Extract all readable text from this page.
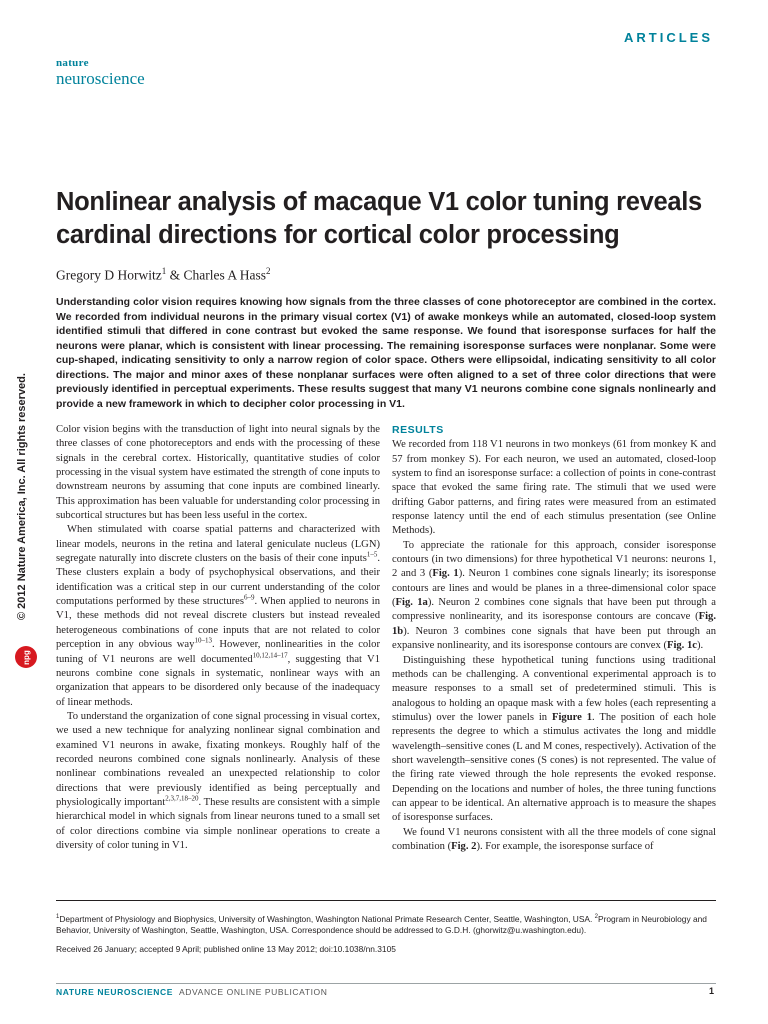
ARTICLES
nature
neuroscience
© 2012 Nature America, Inc. All rights reserved.
npg
Nonlinear analysis of macaque V1 color tuning reveals cardinal directions for cortical color processing
Gregory D Horwitz$^1$ & Charles A Hass$^2$

Understanding color vision requires knowing how signals from the three classes of cone photoreceptor are combined in the cortex. We recorded from individual neurons in the primary visual cortex (V1) of awake monkeys while an automated, closed-loop system identified stimuli that differed in cone contrast but evoked the same response. We found that isoresponse surfaces for half the neurons were planar, which is consistent with linear processing. The remaining isoresponse surfaces were nonplanar. Some were cup-shaped, indicating sensitivity to only a narrow region of color space. Others were ellipsoidal, indicating sensitivity to all color directions. The major and minor axes of these nonplanar surfaces were often aligned to a set of three color directions that were previously identified in perceptual experiments. These results suggest that many V1 neurons combine cone signals nonlinearly and provide a new framework in which to decipher color processing in V1.

Color vision begins with the transduction of light into neural signals by the three classes of cone photoreceptors and ends with the processing of these signals in the cerebral cortex. Historically, quantitative studies of color processing in the visual system have estimated the strength of cone inputs to downstream neurons by assuming that cone inputs are combined linearly. This approximation has been valuable for understanding color processing in subcortical structures but has been less useful in the cortex.

When stimulated with coarse spatial patterns and characterized with linear models, neurons in the retina and lateral geniculate nucleus (LGN) segregate naturally into discrete clusters on the basis of their cone inputs$^{1-5}$. These clusters explain a body of psychophysical observations, and their identification was a critical step in our current understanding of the color computations performed by these structures$^{6-9}$. When applied to neurons in V1, these methods did not reveal discrete clusters but instead revealed heterogeneous combinations of cone inputs that are not related to color perception in any obvious way$^{10-13}$. However, nonlinearities in the color tuning of V1 neurons are well documented$^{10,12,14-17}$, suggesting that V1 neurons combine cone signals in systematic, nonlinear ways with an organization that appears to be disordered only because of the inadequacy of linear methods.

To understand the organization of cone signal processing in visual cortex, we used a new technique for analyzing nonlinear signal combination and examined V1 neurons in awake, fixating monkeys. Roughly half of the recorded neurons combined cone signals nonlinearly. Analysis of these nonlinear combinations revealed an unexpected relationship to color directions that were previously identified as being perceptually and physiologically important$^{2,3,7,18-20}$. These results are consistent with a simple hierarchical model in which signals from linear neurons tuned to a small set of color directions combine via simple nonlinear operations to create a diversity of color tuning in V1.

RESULTS

We recorded from 118 V1 neurons in two monkeys (61 from monkey K and 57 from monkey S). For each neuron, we used an automated, closed-loop system to find an isoresponse surface: a collection of points in cone-contrast space that evoked the same firing rate. The stimuli that we used were drifting Gabor patterns, and firing rates were measured from an estimated response latency until the end of each stimulus presentation (see Online Methods).

To appreciate the rationale for this approach, consider isoresponse contours (in two dimensions) for three hypothetical V1 neurons: neurons 1, 2 and 3 (Fig. 1). Neuron 1 combines cone signals linearly; its isoresponse contours are lines and would be planes in a three-dimensional color space (Fig. 1a). Neuron 2 combines cone signals that have been put through a compressive nonlinearity, and its isoresponse contours are concave (Fig. 1b). Neuron 3 combines cone signals that have been put through an expansive nonlinearity, and its isoresponse contours are convex (Fig. 1c).

Distinguishing these hypothetical tuning functions using traditional methods can be challenging. A conventional experimental approach is to measure responses to a small set of predetermined stimuli. This is analogous to holding an opaque mask with a few holes (each representing a stimulus) over the lower panels in Figure 1. The position of each hole represents the degree to which a stimulus activates the long and middle wavelength–sensitive cones (L and M cones, respectively). Activation of the short wavelength–sensitive cones (S cones) is not represented. The value of the firing rate viewed through the hole represents the evoked response. Depending on the locations and number of holes, the three tuning functions can appear to be identical. An alternative approach is to measure the shapes of isoresponse surfaces.

We found V1 neurons consistent with all the three models of cone signal combination (Fig. 2). For example, the isoresponse surface of

$^1$Department of Physiology and Biophysics, University of Washington, Washington National Primate Research Center, Seattle, Washington, USA. $^2$Program in Neurobiology and Behavior, University of Washington, Seattle, Washington, USA. Correspondence should be addressed to G.D.H. (ghorwitz@u.washington.edu).
Received 26 January; accepted 9 April; published online 13 May 2012; doi:10.1038/nn.3105
NATURE NEUROSCIENCE ADVANCE ONLINE PUBLICATION	1
